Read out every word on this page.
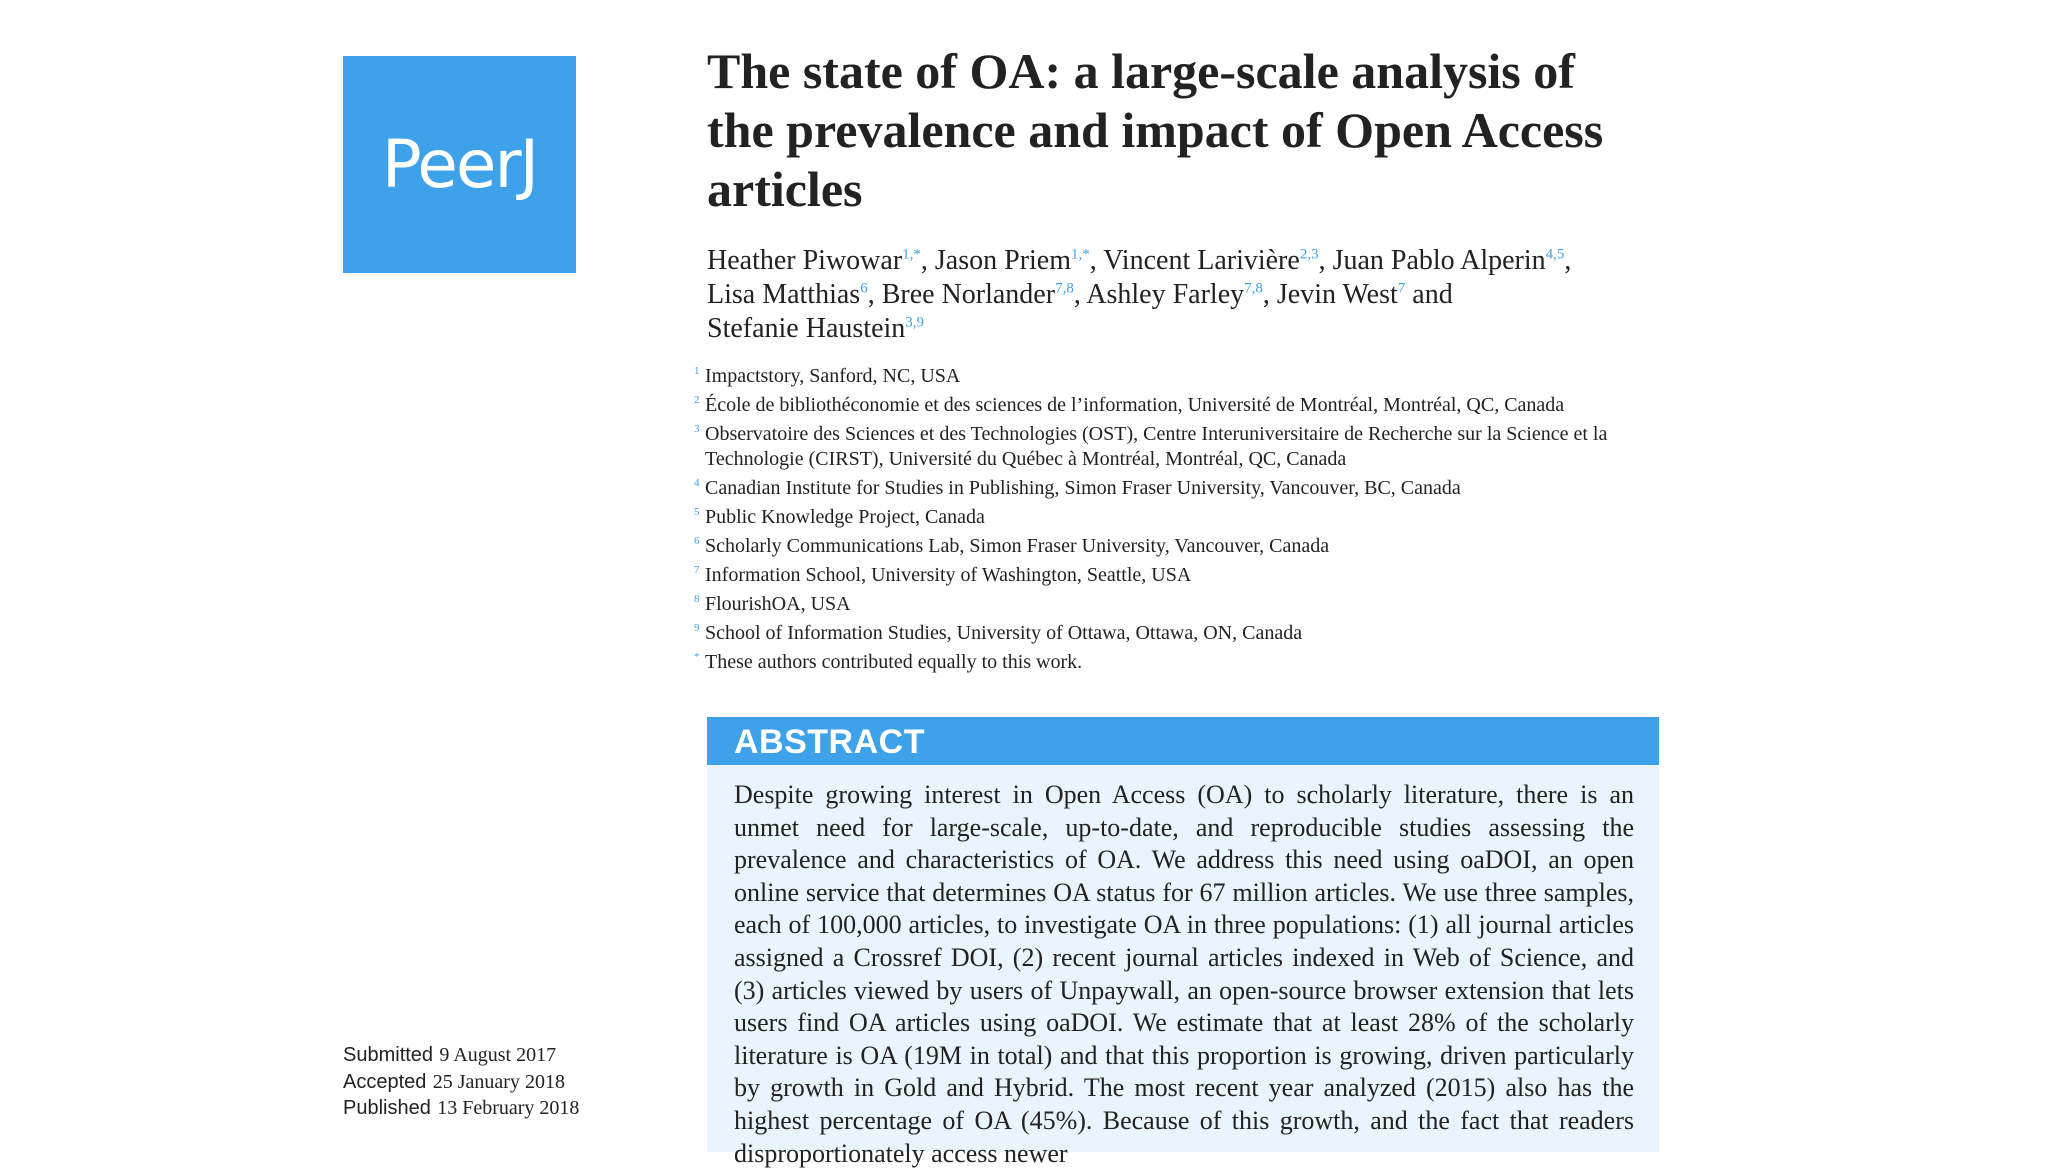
PeerJ
The state of OA: a large-scale analysis of the prevalence and impact of Open Access articles
Heather Piwowar$^{1,*}$, Jason Priem$^{1,*}$, Vincent Larivière$^{2,3}$, Juan Pablo Alperin$^{4,5}$,
Lisa Matthias$^6$, Bree Norlander$^{7,8}$, Ashley Farley$^{7,8}$, Jevin West$^7$ and
Stefanie Haustein$^{3,9}$
1 Impactstory, Sanford, NC, USA
2 École de bibliothéconomie et des sciences de l’information, Université de Montréal, Montréal, QC, Canada
3 Observatoire des Sciences et des Technologies (OST), Centre Interuniversitaire de Recherche sur la Science et la Technologie (CIRST), Université du Québec à Montréal, Montréal, QC, Canada
4 Canadian Institute for Studies in Publishing, Simon Fraser University, Vancouver, BC, Canada
5 Public Knowledge Project, Canada
6 Scholarly Communications Lab, Simon Fraser University, Vancouver, Canada
7 Information School, University of Washington, Seattle, USA
8 FlourishOA, USA
9 School of Information Studies, University of Ottawa, Ottawa, ON, Canada
* These authors contributed equally to this work.
ABSTRACT

Despite growing interest in Open Access (OA) to scholarly literature, there is an unmet need for large-scale, up-to-date, and reproducible studies assessing the prevalence and characteristics of OA. We address this need using oaDOI, an open online service that determines OA status for 67 million articles. We use three samples, each of 100,000 articles, to investigate OA in three populations: (1) all journal articles assigned a Crossref DOI, (2) recent journal articles indexed in Web of Science, and (3) articles viewed by users of Unpaywall, an open-source browser extension that lets users find OA articles using oaDOI. We estimate that at least 28% of the scholarly literature is OA (19M in total) and that this proportion is growing, driven particularly by growth in Gold and Hybrid. The most recent year analyzed (2015) also has the highest percentage of OA (45%). Because of this growth, and the fact that readers disproportionately access newer

Submitted 9 August 2017
Accepted 25 January 2018
Published 13 February 2018
